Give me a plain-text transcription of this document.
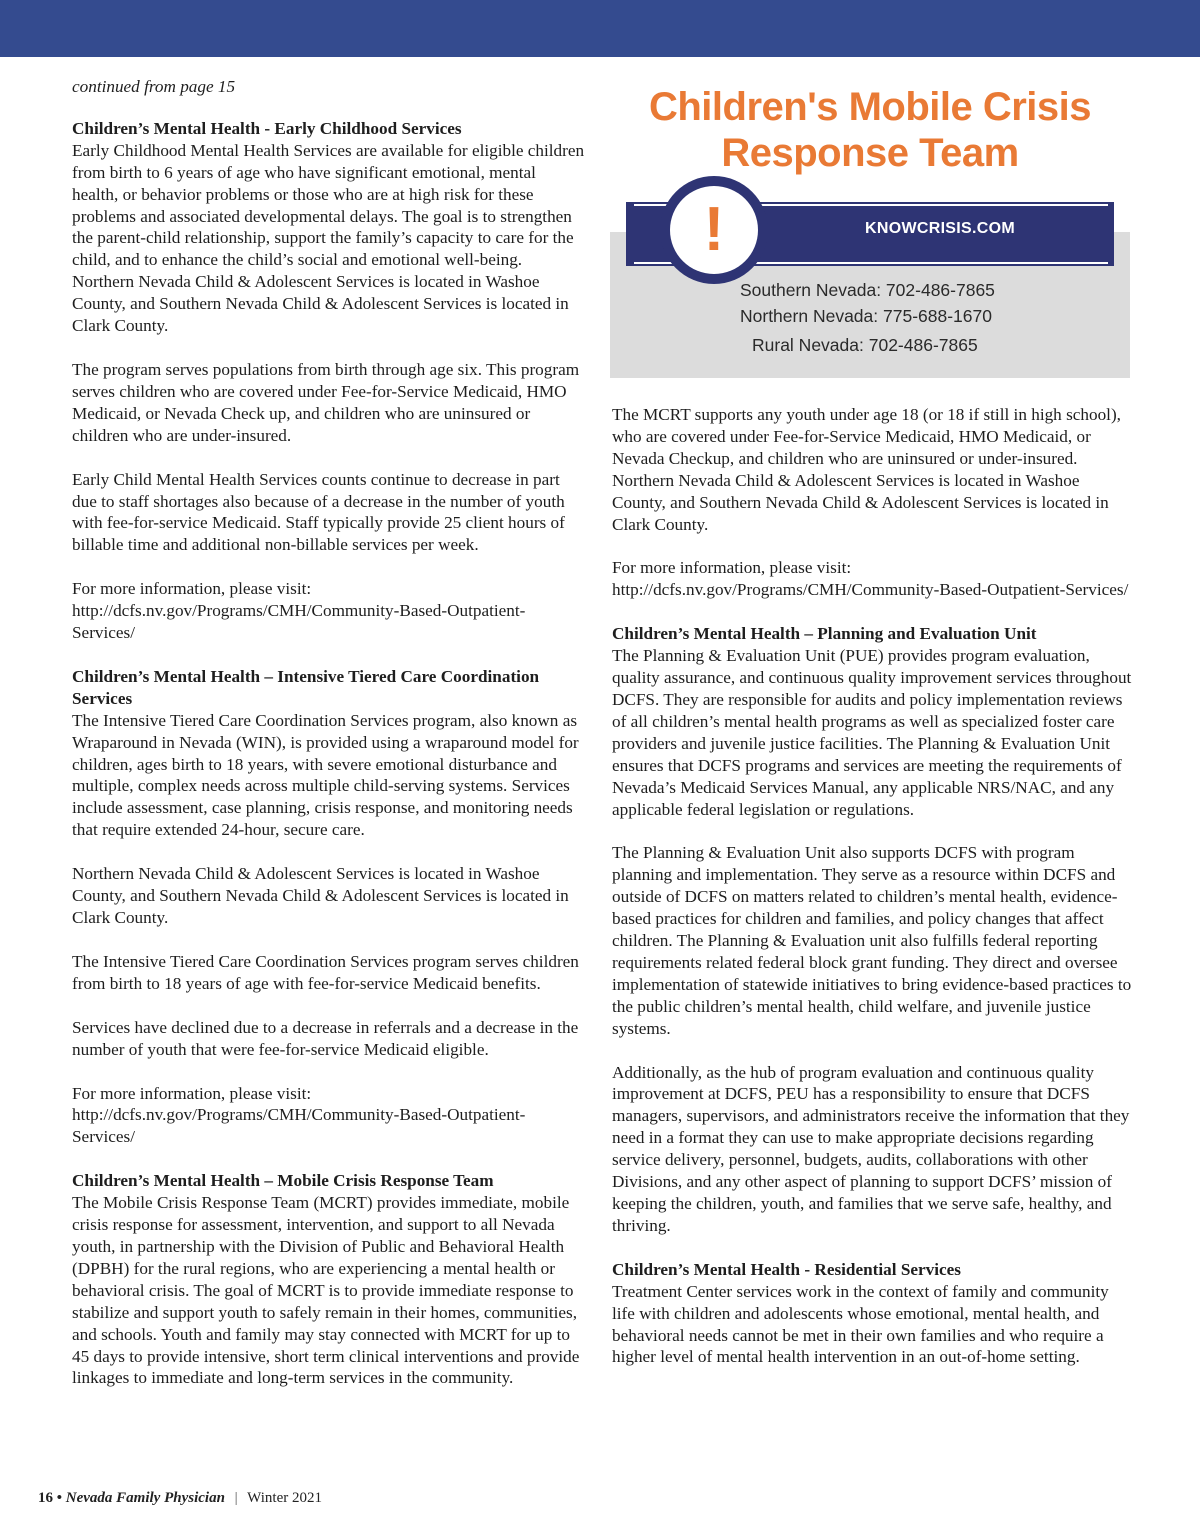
continued from page 15
Children’s Mental Health - Early Childhood Services

Early Childhood Mental Health Services are available for eligible children from birth to 6 years of age who have significant emotional, mental health, or behavior problems or those who are at high risk for these problems and associated developmental delays. The goal is to strengthen the parent-child relationship, support the family’s capacity to care for the child, and to enhance the child’s social and emotional well-being. Northern Nevada Child & Adolescent Services is located in Washoe County, and Southern Nevada Child & Adolescent Services is located in Clark County.

The program serves populations from birth through age six. This program serves children who are covered under Fee-for-Service Medicaid, HMO Medicaid, or Nevada Check up, and children who are uninsured or children who are under-insured.

Early Child Mental Health Services counts continue to decrease in part due to staff shortages also because of a decrease in the number of youth with fee-for-service Medicaid. Staff typically provide 25 client hours of billable time and additional non-billable services per week.

For more information, please visit:
http://dcfs.nv.gov/Programs/CMH/Community-Based-Outpatient-Services/

Children’s Mental Health – Intensive Tiered Care Coordination Services

The Intensive Tiered Care Coordination Services program, also known as Wraparound in Nevada (WIN), is provided using a wraparound model for children, ages birth to 18 years, with severe emotional disturbance and multiple, complex needs across multiple child-serving systems. Services include assessment, case planning, crisis response, and monitoring needs that require extended 24-hour, secure care.

Northern Nevada Child & Adolescent Services is located in Washoe County, and Southern Nevada Child & Adolescent Services is located in Clark County.

The Intensive Tiered Care Coordination Services program serves children from birth to 18 years of age with fee-for-service Medicaid benefits.

Services have declined due to a decrease in referrals and a decrease in the number of youth that were fee-for-service Medicaid eligible.

For more information, please visit:
http://dcfs.nv.gov/Programs/CMH/Community-Based-Outpatient-Services/

Children’s Mental Health – Mobile Crisis Response Team

The Mobile Crisis Response Team (MCRT) provides immediate, mobile crisis response for assessment, intervention, and support to all Nevada youth, in partnership with the Division of Public and Behavioral Health (DPBH) for the rural regions, who are experiencing a mental health or behavioral crisis. The goal of MCRT is to provide immediate response to stabilize and support youth to safely remain in their homes, communities, and schools. Youth and family may stay connected with MCRT for up to 45 days to provide intensive, short term clinical interventions and provide linkages to immediate and long-term services in the community.

Children's Mobile Crisis
Response Team
KNOWCRISIS.COM
!
Southern Nevada: 702-486-7865
Northern Nevada: 775-688-1670
Rural Nevada: 702-486-7865

The MCRT supports any youth under age 18 (or 18 if still in high school), who are covered under Fee-for-Service Medicaid, HMO Medicaid, or Nevada Checkup, and children who are uninsured or under-insured. Northern Nevada Child & Adolescent Services is located in Washoe County, and Southern Nevada Child & Adolescent Services is located in Clark County.

For more information, please visit:
http://dcfs.nv.gov/Programs/CMH/Community-Based-Outpatient-Services/

Children’s Mental Health – Planning and Evaluation Unit

The Planning & Evaluation Unit (PUE) provides program evaluation, quality assurance, and continuous quality improvement services throughout DCFS. They are responsible for audits and policy implementation reviews of all children’s mental health programs as well as specialized foster care providers and juvenile justice facilities. The Planning & Evaluation Unit ensures that DCFS programs and services are meeting the requirements of Nevada’s Medicaid Services Manual, any applicable NRS/NAC, and any applicable federal legislation or regulations.

The Planning & Evaluation Unit also supports DCFS with program planning and implementation. They serve as a resource within DCFS and outside of DCFS on matters related to children’s mental health, evidence-based practices for children and families, and policy changes that affect children. The Planning & Evaluation unit also fulfills federal reporting requirements related federal block grant funding. They direct and oversee implementation of statewide initiatives to bring evidence-based practices to the public children’s mental health, child welfare, and juvenile justice systems.

Additionally, as the hub of program evaluation and continuous quality improvement at DCFS, PEU has a responsibility to ensure that DCFS managers, supervisors, and administrators receive the information that they need in a format they can use to make appropriate decisions regarding service delivery, personnel, budgets, audits, collaborations with other Divisions, and any other aspect of planning to support DCFS’ mission of keeping the children, youth, and families that we serve safe, healthy, and thriving.

Children’s Mental Health - Residential Services

Treatment Center services work in the context of family and community life with children and adolescents whose emotional, mental health, and behavioral needs cannot be met in their own families and who require a higher level of mental health intervention in an out-of-home setting.

16 • Nevada Family Physician | Winter 2021
